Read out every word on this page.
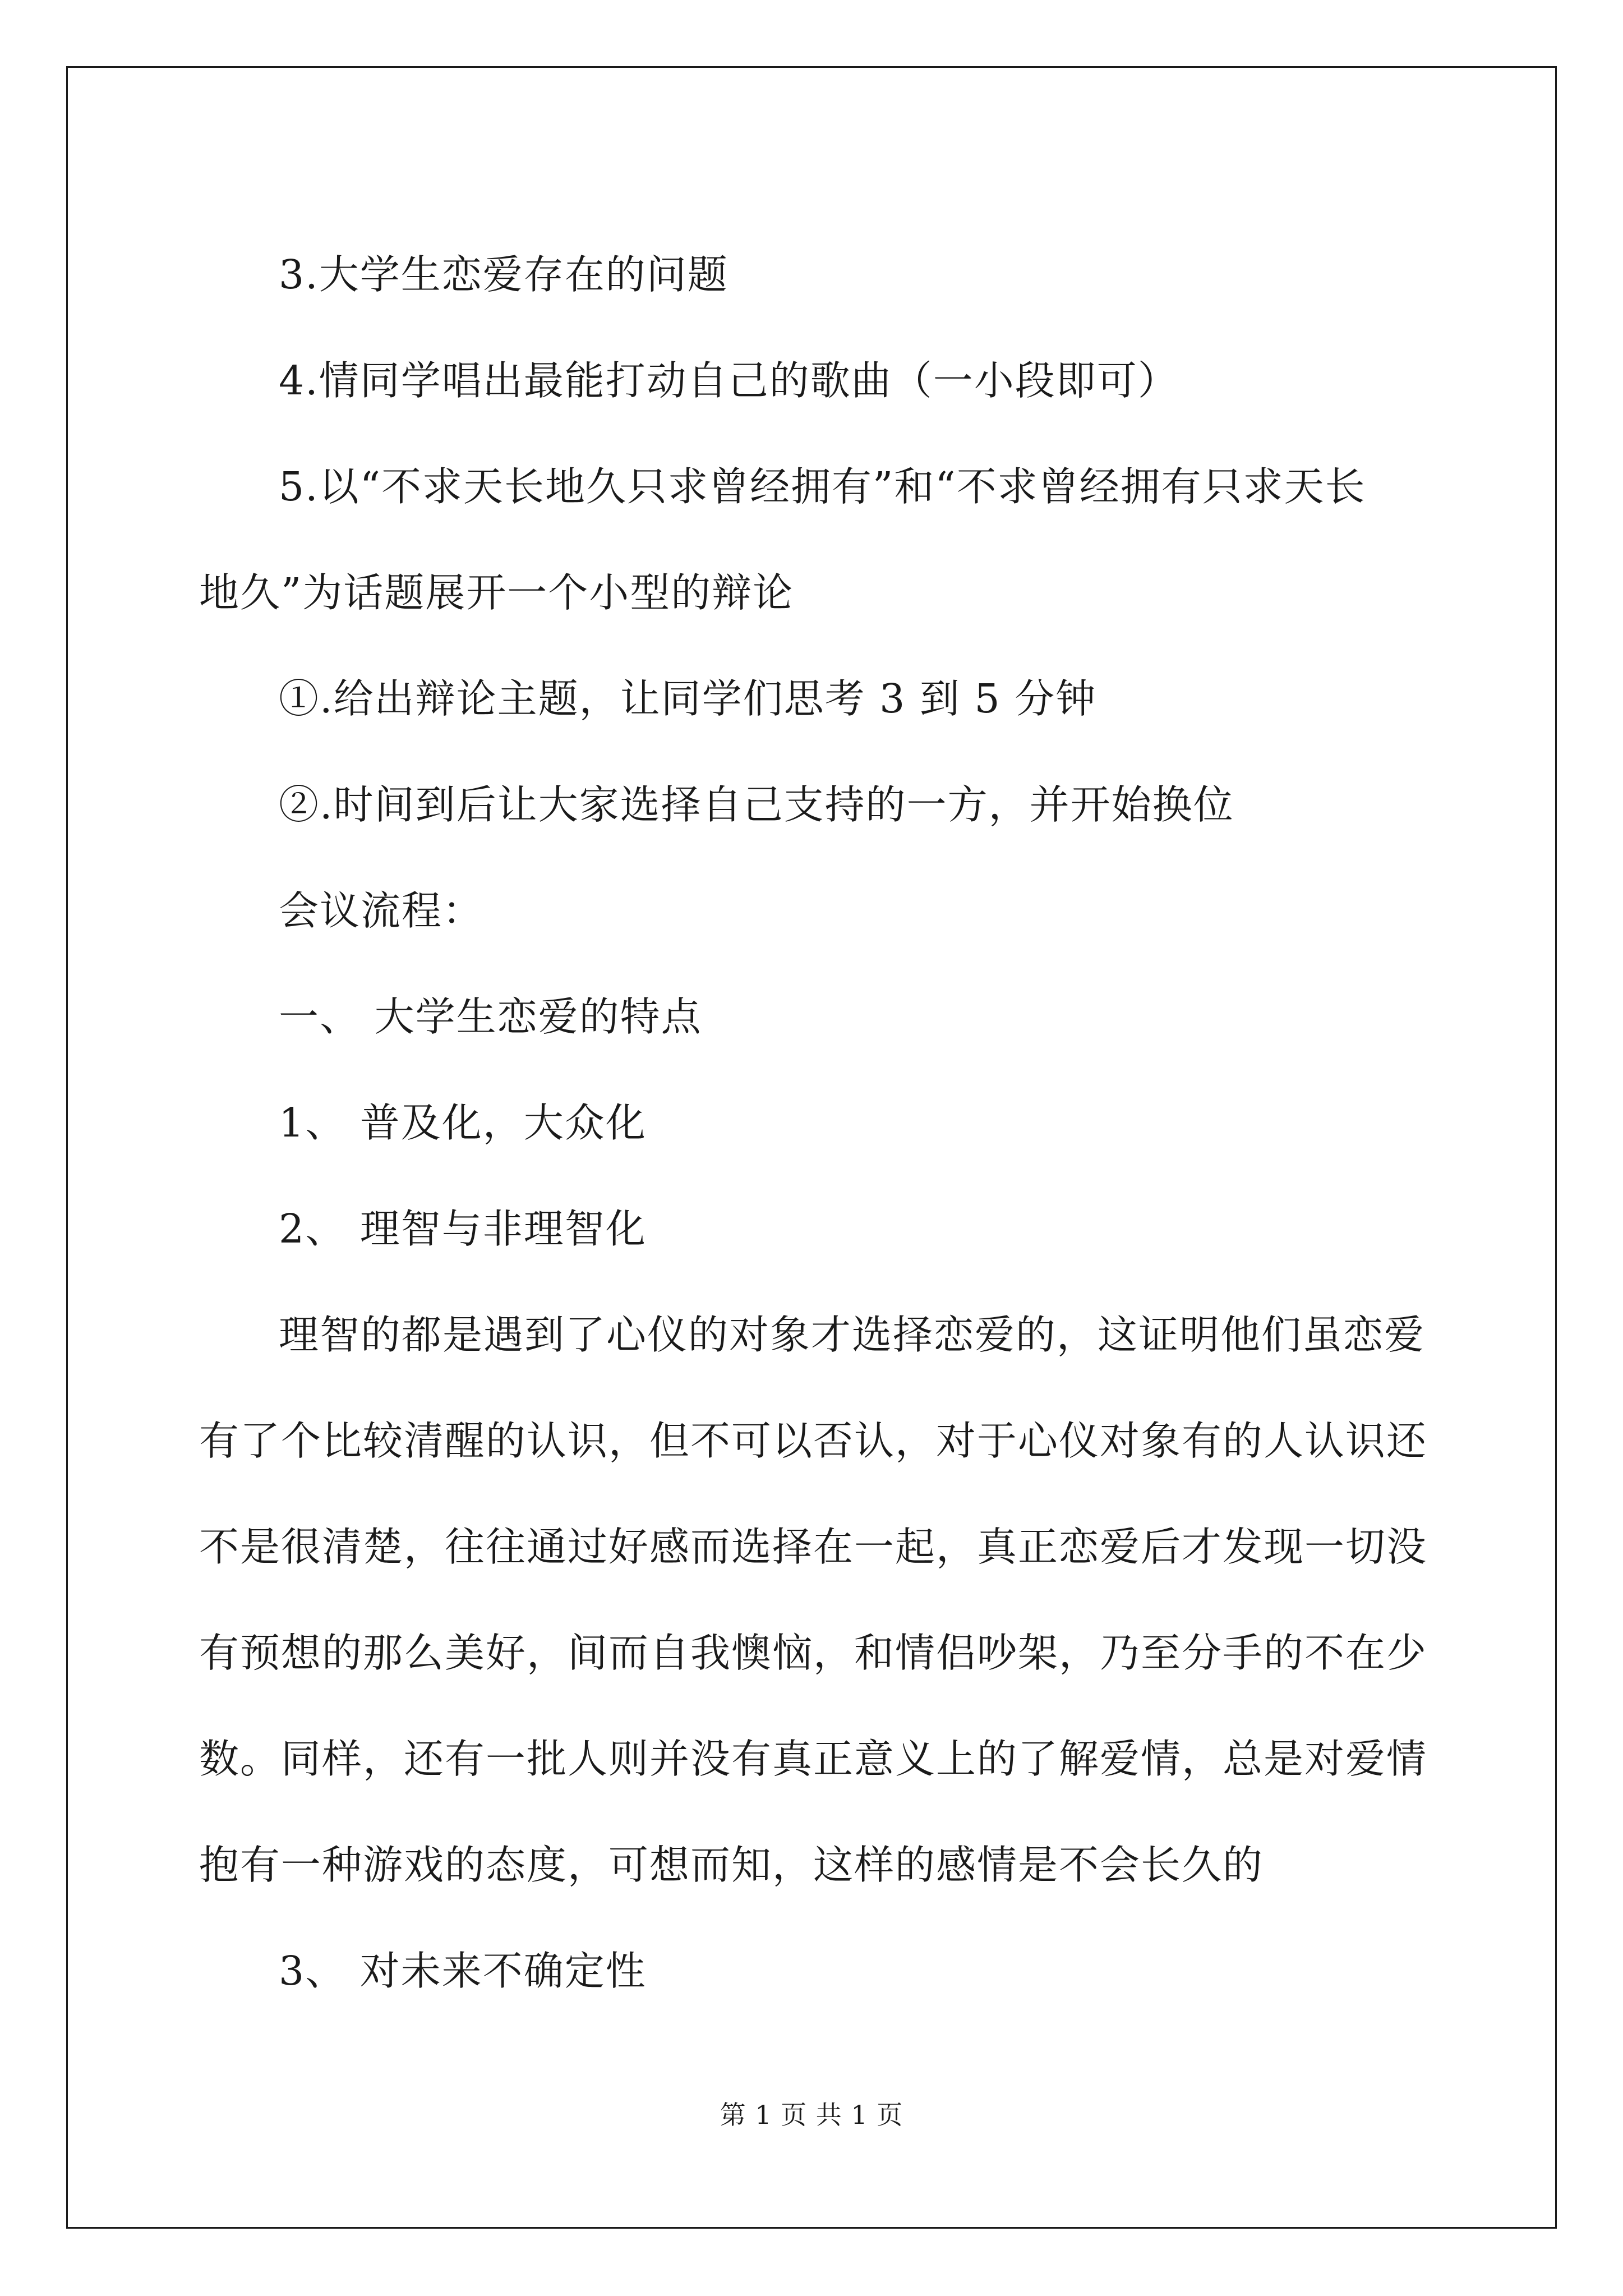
3.大学生恋爱存在的问题

4.情同学唱出最能打动自己的歌曲（一小段即可）

5.以“不求天长地久只求曾经拥有”和“不求曾经拥有只求天长

地久”为话题展开一个小型的辩论

①.给出辩论主题，让同学们思考 3 到 5 分钟

②.时间到后让大家选择自己支持的一方，并开始换位

会议流程：

一、 大学生恋爱的特点

1、 普及化，大众化

2、 理智与非理智化

理智的都是遇到了心仪的对象才选择恋爱的，这证明他们虽恋爱

有了个比较清醒的认识，但不可以否认，对于心仪对象有的人认识还

不是很清楚，往往通过好感而选择在一起，真正恋爱后才发现一切没

有预想的那么美好，间而自我懊恼，和情侣吵架，乃至分手的不在少

数。同样，还有一批人则并没有真正意义上的了解爱情，总是对爱情

抱有一种游戏的态度，可想而知，这样的感情是不会长久的

3、 对未来不确定性

第 1 页 共 1 页
